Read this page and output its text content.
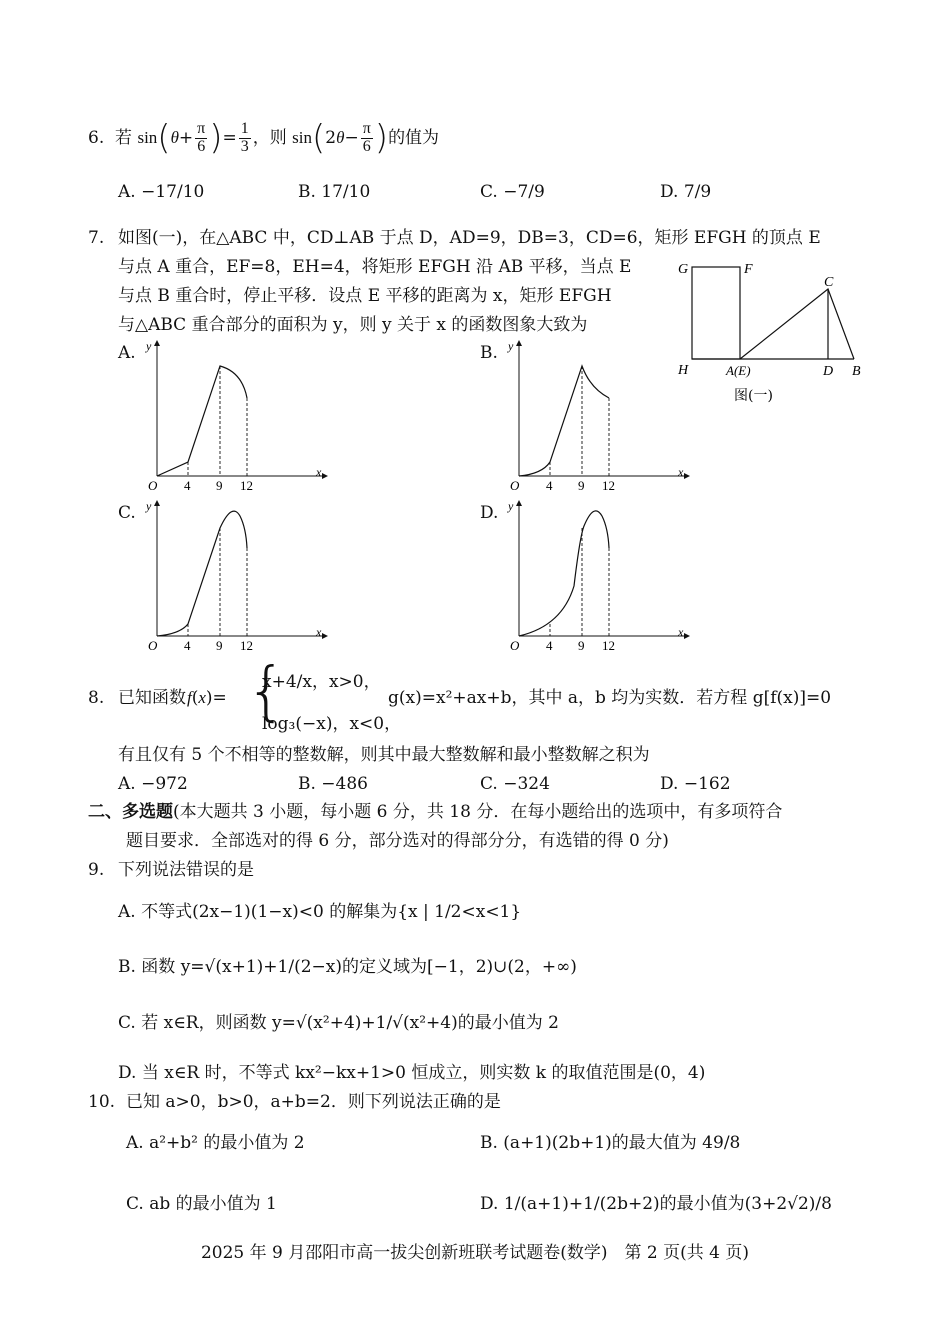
6. 若 $\sin(\theta+ \frac{\pi}{6}$ )= $\frac{1}{3}$ ，则 $\sin(2\theta- \frac{\pi}{6}$ )的值为
A. −17/10	B. 17/10	C. −7/9	D. 7/9
7. 如图(一)，在△ABC 中，CD⊥AB 于点 D，AD=9，DB=3，CD=6，矩形 EFGH 的顶点 E
与点 A 重合，EF=8，EH=4，将矩形 EFGH 沿 AB 平移，当点 E
与点 B 重合时，停止平移．设点 E 平移的距离为 x，矩形 EFGH
与△ABC 重合部分的面积为 y，则 y 关于 x 的函数图象大致为
G	F
C
H	A(E)	D B
图(一)
A. y
x
O 4 9 12
B. y
x
O 4 9 12
C. y
x
O 4 9 12
D. y
x
O 4 9 12
8. 已知函数 f(x)= {
x+4/x，x>0，
log₃(−x)，x<0，
g(x)=x²+ax+b，其中 a，b 均为实数．若方程 g[f(x)]=0
有且仅有 5 个不相等的整数解，则其中最大整数解和最小整数解之积为
A. −972	B. −486	C. −324	D. −162
二、多选题(本大题共 3 小题，每小题 6 分，共 18 分．在每小题给出的选项中，有多项符合
题目要求．全部选对的得 6 分，部分选对的得部分分，有选错的得 0 分)
9. 下列说法错误的是
A. 不等式(2x−1)(1−x)<0 的解集为{x | 1/2<x<1}
B. 函数 y=√(x+1)+1/(2−x)的定义域为[−1，2)∪(2，+∞)
C. 若 x∈R，则函数 y=√(x²+4)+1/√(x²+4)的最小值为 2
D. 当 x∈R 时，不等式 kx²−kx+1>0 恒成立，则实数 k 的取值范围是(0，4)
10. 已知 a>0，b>0，a+b=2．则下列说法正确的是
A. a²+b² 的最小值为 2	B. (a+1)(2b+1)的最大值为 49/8
C. ab 的最小值为 1	D. 1/(a+1)+1/(2b+2)的最小值为(3+2√2)/8
2025 年 9 月邵阳市高一拔尖创新班联考试题卷(数学)　第 2 页(共 4 页)
